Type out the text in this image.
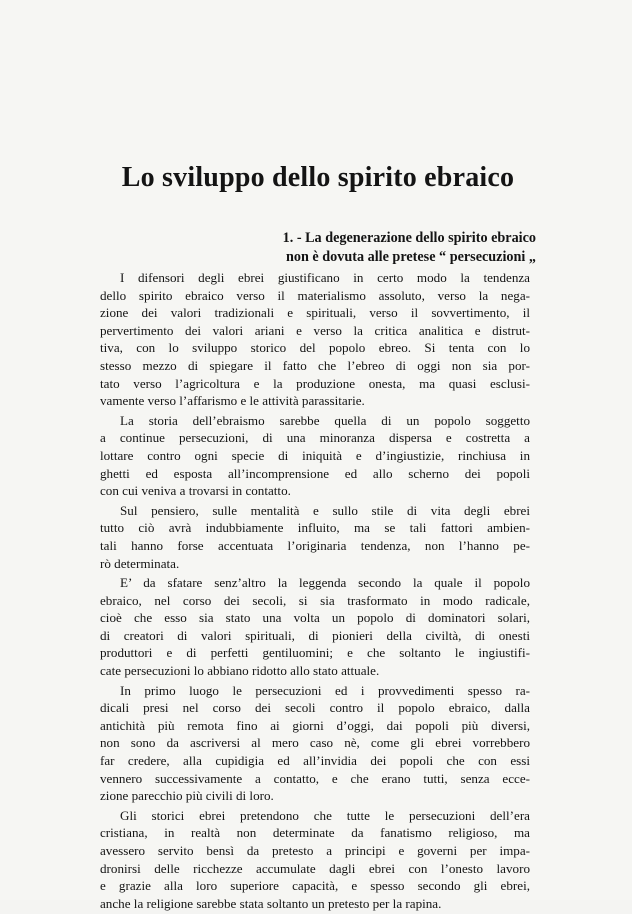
Lo sviluppo dello spirito ebraico
1. - La degenerazione dello spirito ebraico
non è dovuta alle pretese “ persecuzioni „

I difensori degli ebrei giustificano in certo modo la tendenza
dello spirito ebraico verso il materialismo assoluto, verso la nega-
zione dei valori tradizionali e spirituali, verso il sovvertimento, il
pervertimento dei valori ariani e verso la critica analitica e distrut-
tiva, con lo sviluppo storico del popolo ebreo. Si tenta con lo
stesso mezzo di spiegare il fatto che l’ebreo di oggi non sia por-
tato verso l’agricoltura e la produzione onesta, ma quasi esclusi-
vamente verso l’affarismo e le attività parassitarie.

La storia dell’ebraismo sarebbe quella di un popolo soggetto
a continue persecuzioni, di una minoranza dispersa e costretta a
lottare contro ogni specie di iniquità e d’ingiustizie, rinchiusa in
ghetti ed esposta all’incomprensione ed allo scherno dei popoli
con cui veniva a trovarsi in contatto.

Sul pensiero, sulle mentalità e sullo stile di vita degli ebrei
tutto ciò avrà indubbiamente influito, ma se tali fattori ambien-
tali hanno forse accentuata l’originaria tendenza, non l’hanno pe-
rò determinata.

E’ da sfatare senz’altro la leggenda secondo la quale il popolo
ebraico, nel corso dei secoli, si sia trasformato in modo radicale,
cioè che esso sia stato una volta un popolo di dominatori solari,
di creatori di valori spirituali, di pionieri della civiltà, di onesti
produttori e di perfetti gentiluomini; e che soltanto le ingiustifi-
cate persecuzioni lo abbiano ridotto allo stato attuale.

In primo luogo le persecuzioni ed i provvedimenti spesso ra-
dicali presi nel corso dei secoli contro il popolo ebraico, dalla
antichità più remota fino ai giorni d’oggi, dai popoli più diversi,
non sono da ascriversi al mero caso nè, come gli ebrei vorrebbero
far credere, alla cupidigia ed all’invidia dei popoli che con essi
vennero successivamente a contatto, e che erano tutti, senza ecce-
zione parecchio più civili di loro.

Gli storici ebrei pretendono che tutte le persecuzioni dell’era
cristiana, in realtà non determinate da fanatismo religioso, ma
avessero servito bensì da pretesto a principi e governi per impa-
dronirsi delle ricchezze accumulate dagli ebrei con l’onesto lavoro
e grazie alla loro superiore capacità, e spesso secondo gli ebrei,
anche la religione sarebbe stata soltanto un pretesto per la rapina.
